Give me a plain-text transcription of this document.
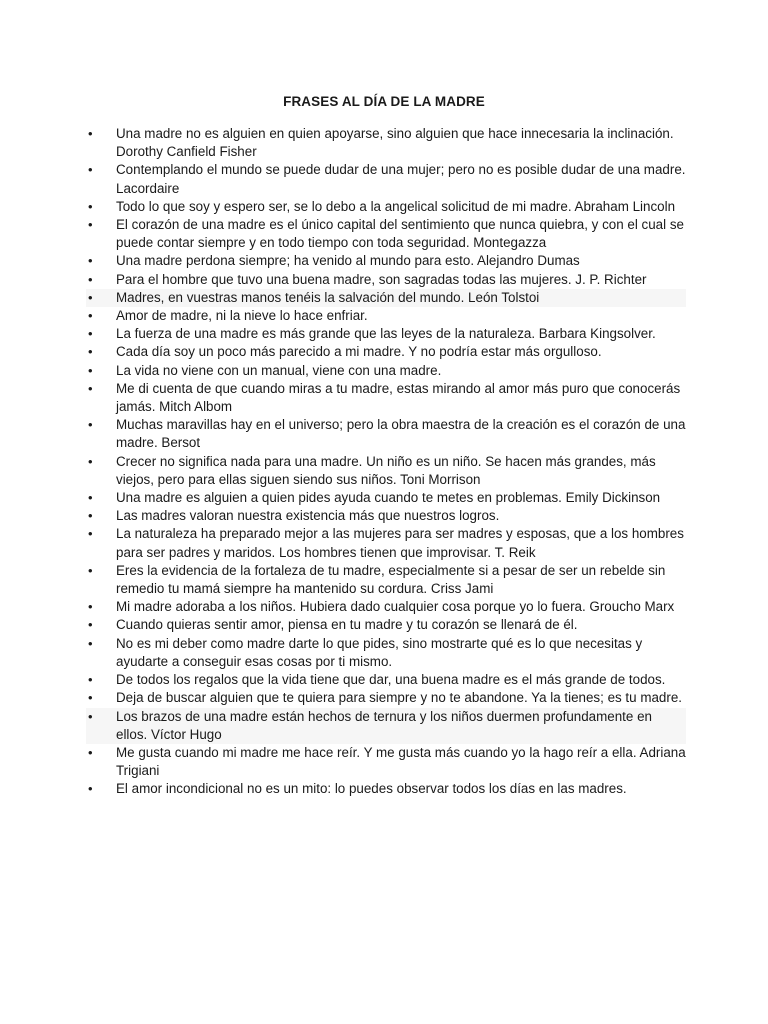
FRASES AL DÍA DE LA MADRE
• Una madre no es alguien en quien apoyarse, sino alguien que hace innecesaria la inclinación. Dorothy Canfield Fisher
• Contemplando el mundo se puede dudar de una mujer; pero no es posible dudar de una madre. Lacordaire
• Todo lo que soy y espero ser, se lo debo a la angelical solicitud de mi madre. Abraham Lincoln
• El corazón de una madre es el único capital del sentimiento que nunca quiebra, y con el cual se puede contar siempre y en todo tiempo con toda seguridad. Montegazza
• Una madre perdona siempre; ha venido al mundo para esto. Alejandro Dumas
• Para el hombre que tuvo una buena madre, son sagradas todas las mujeres. J. P. Richter
• Madres, en vuestras manos tenéis la salvación del mundo. León Tolstoi
• Amor de madre, ni la nieve lo hace enfriar.
• La fuerza de una madre es más grande que las leyes de la naturaleza. Barbara Kingsolver.
• Cada día soy un poco más parecido a mi madre. Y no podría estar más orgulloso.
• La vida no viene con un manual, viene con una madre.
• Me di cuenta de que cuando miras a tu madre, estas mirando al amor más puro que conocerás jamás. Mitch Albom
• Muchas maravillas hay en el universo; pero la obra maestra de la creación es el corazón de una madre. Bersot
• Crecer no significa nada para una madre. Un niño es un niño. Se hacen más grandes, más viejos, pero para ellas siguen siendo sus niños. Toni Morrison
• Una madre es alguien a quien pides ayuda cuando te metes en problemas. Emily Dickinson
• Las madres valoran nuestra existencia más que nuestros logros.
• La naturaleza ha preparado mejor a las mujeres para ser madres y esposas, que a los hombres para ser padres y maridos. Los hombres tienen que improvisar. T. Reik
• Eres la evidencia de la fortaleza de tu madre, especialmente si a pesar de ser un rebelde sin remedio tu mamá siempre ha mantenido su cordura. Criss Jami
• Mi madre adoraba a los niños. Hubiera dado cualquier cosa porque yo lo fuera. Groucho Marx
• Cuando quieras sentir amor, piensa en tu madre y tu corazón se llenará de él.
• No es mi deber como madre darte lo que pides, sino mostrarte qué es lo que necesitas y ayudarte a conseguir esas cosas por ti mismo.
• De todos los regalos que la vida tiene que dar, una buena madre es el más grande de todos.
• Deja de buscar alguien que te quiera para siempre y no te abandone. Ya la tienes; es tu madre.
• Los brazos de una madre están hechos de ternura y los niños duermen profundamente en ellos. Víctor Hugo
• Me gusta cuando mi madre me hace reír. Y me gusta más cuando yo la hago reír a ella. Adriana Trigiani
• El amor incondicional no es un mito: lo puedes observar todos los días en las madres.
